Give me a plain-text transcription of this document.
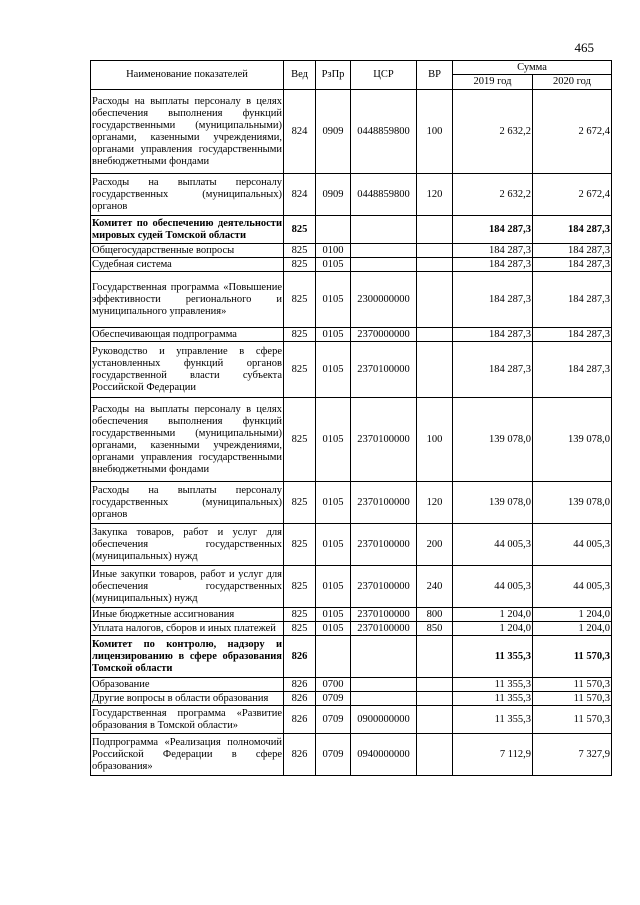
465
Наименование показателей	Вед	РзПр	ЦСР	ВР	Сумма	
					2019 год	2020 год
Расходы на выплаты персоналу в целях обеспечения выполнения функций государственными (муниципальными) органами, казенными учреждениями, органами управления государственными внебюджетными фондами	824	0909	0448859800	100	2 632,2	2 672,4
Расходы на выплаты персоналу государственных (муниципальных) органов	824	0909	0448859800	120	2 632,2	2 672,4
Комитет по обеспечению деятельности мировых судей Томской области	825				184 287,3	184 287,3
Общегосударственные вопросы	825	0100			184 287,3	184 287,3
Судебная система	825	0105			184 287,3	184 287,3
Государственная программа «Повышение эффективности регионального и муниципального управления»	825	0105	2300000000		184 287,3	184 287,3
Обеспечивающая подпрограмма	825	0105	2370000000		184 287,3	184 287,3
Руководство и управление в сфере установленных функций органов государственной власти субъекта Российской Федерации	825	0105	2370100000		184 287,3	184 287,3
Расходы на выплаты персоналу в целях обеспечения выполнения функций государственными (муниципальными) органами, казенными учреждениями, органами управления государственными внебюджетными фондами	825	0105	2370100000	100	139 078,0	139 078,0
Расходы на выплаты персоналу государственных (муниципальных) органов	825	0105	2370100000	120	139 078,0	139 078,0
Закупка товаров, работ и услуг для обеспечения государственных (муниципальных) нужд	825	0105	2370100000	200	44 005,3	44 005,3
Иные закупки товаров, работ и услуг для обеспечения государственных (муниципальных) нужд	825	0105	2370100000	240	44 005,3	44 005,3
Иные бюджетные ассигнования	825	0105	2370100000	800	1 204,0	1 204,0
Уплата налогов, сборов и иных платежей	825	0105	2370100000	850	1 204,0	1 204,0
Комитет по контролю, надзору и лицензированию в сфере образования Томской области	826				11 355,3	11 570,3
Образование	826	0700			11 355,3	11 570,3
Другие вопросы в области образования	826	0709			11 355,3	11 570,3
Государственная программа «Развитие образования в Томской области»	826	0709	0900000000		11 355,3	11 570,3
Подпрограмма «Реализация полномочий Российской Федерации в сфере образования»	826	0709	0940000000		7 112,9	7 327,9
